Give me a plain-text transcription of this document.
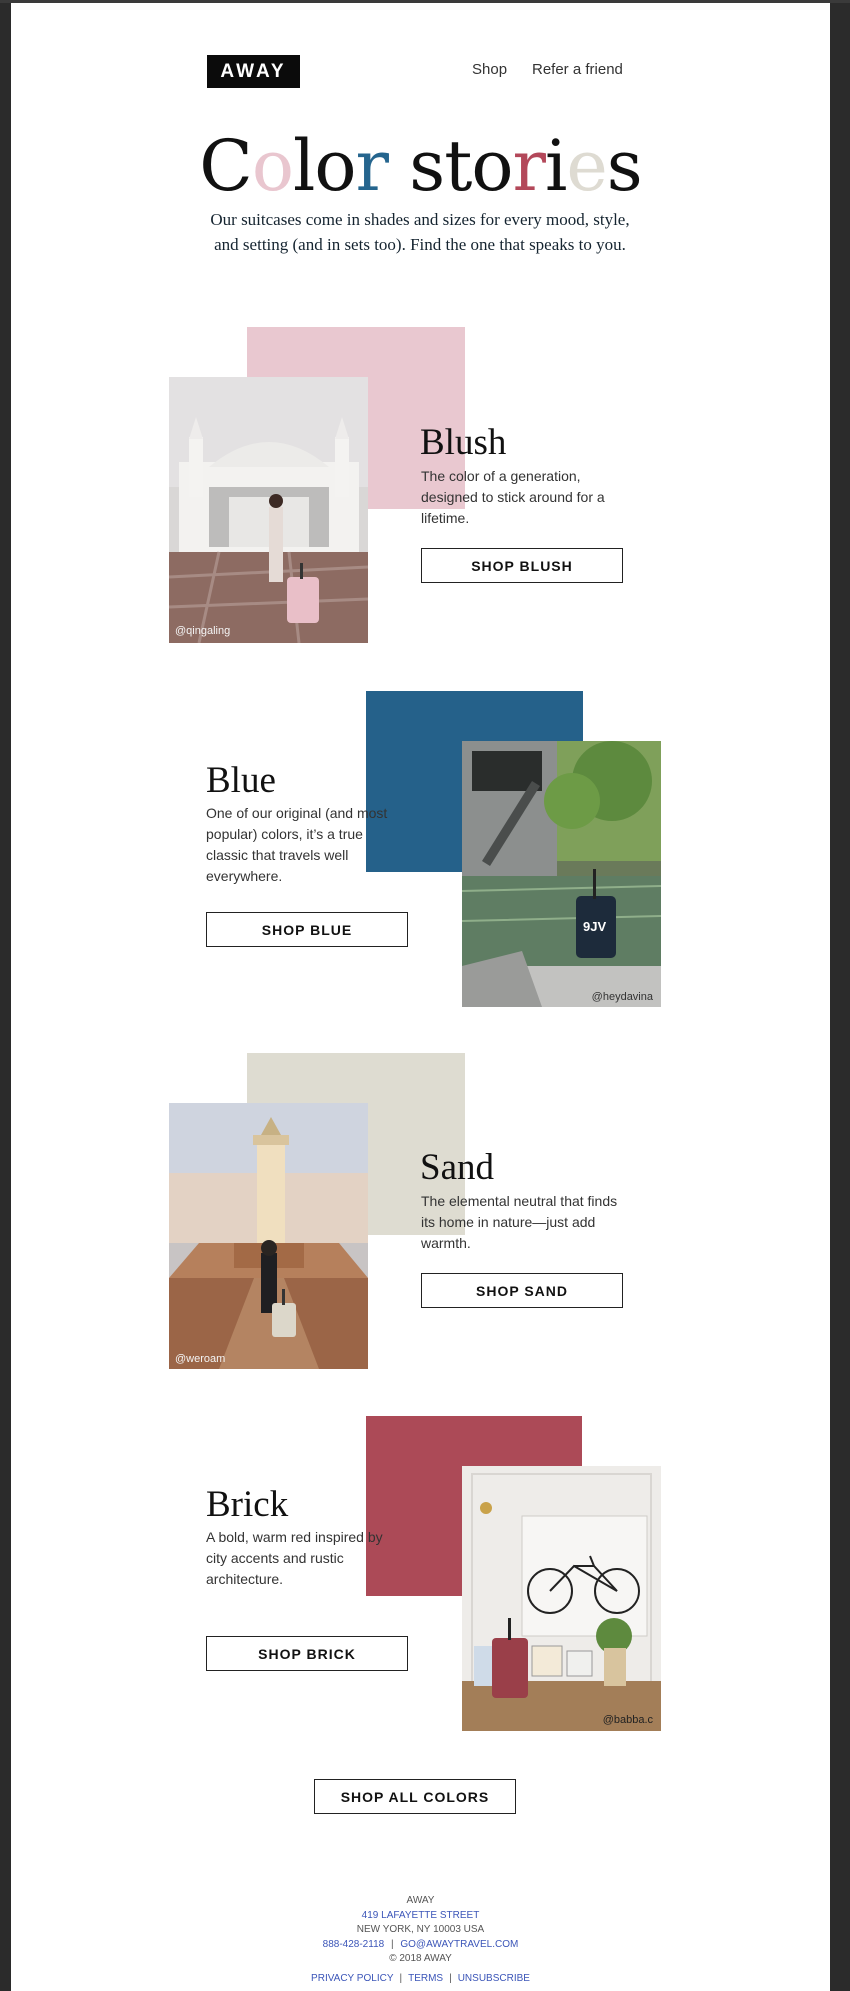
AWAY	Shop Refer a friend
Color stories
Our suitcases come in shades and sizes for every mood, style, and setting (and in sets too). Find the one that speaks to you.
@qingaling
Blush
The color of a generation, designed to stick around for a lifetime.
SHOP BLUSH
Blue
One of our original (and most popular) colors, it’s a true classic that travels well everywhere.
SHOP BLUE	9JV
@heydavina
@weroam
Sand
The elemental neutral that finds its home in nature—just add warmth.
SHOP SAND
Brick
A bold, warm red inspired by city accents and rustic architecture.
SHOP BRICK
@babba.c
SHOP ALL COLORS
AWAY
419 LAFAYETTE STREET
NEW YORK, NY 10003 USA
888-428-2118 | GO@AWAYTRAVEL.COM
© 2018 AWAY
PRIVACY POLICY | TERMS | UNSUBSCRIBE
